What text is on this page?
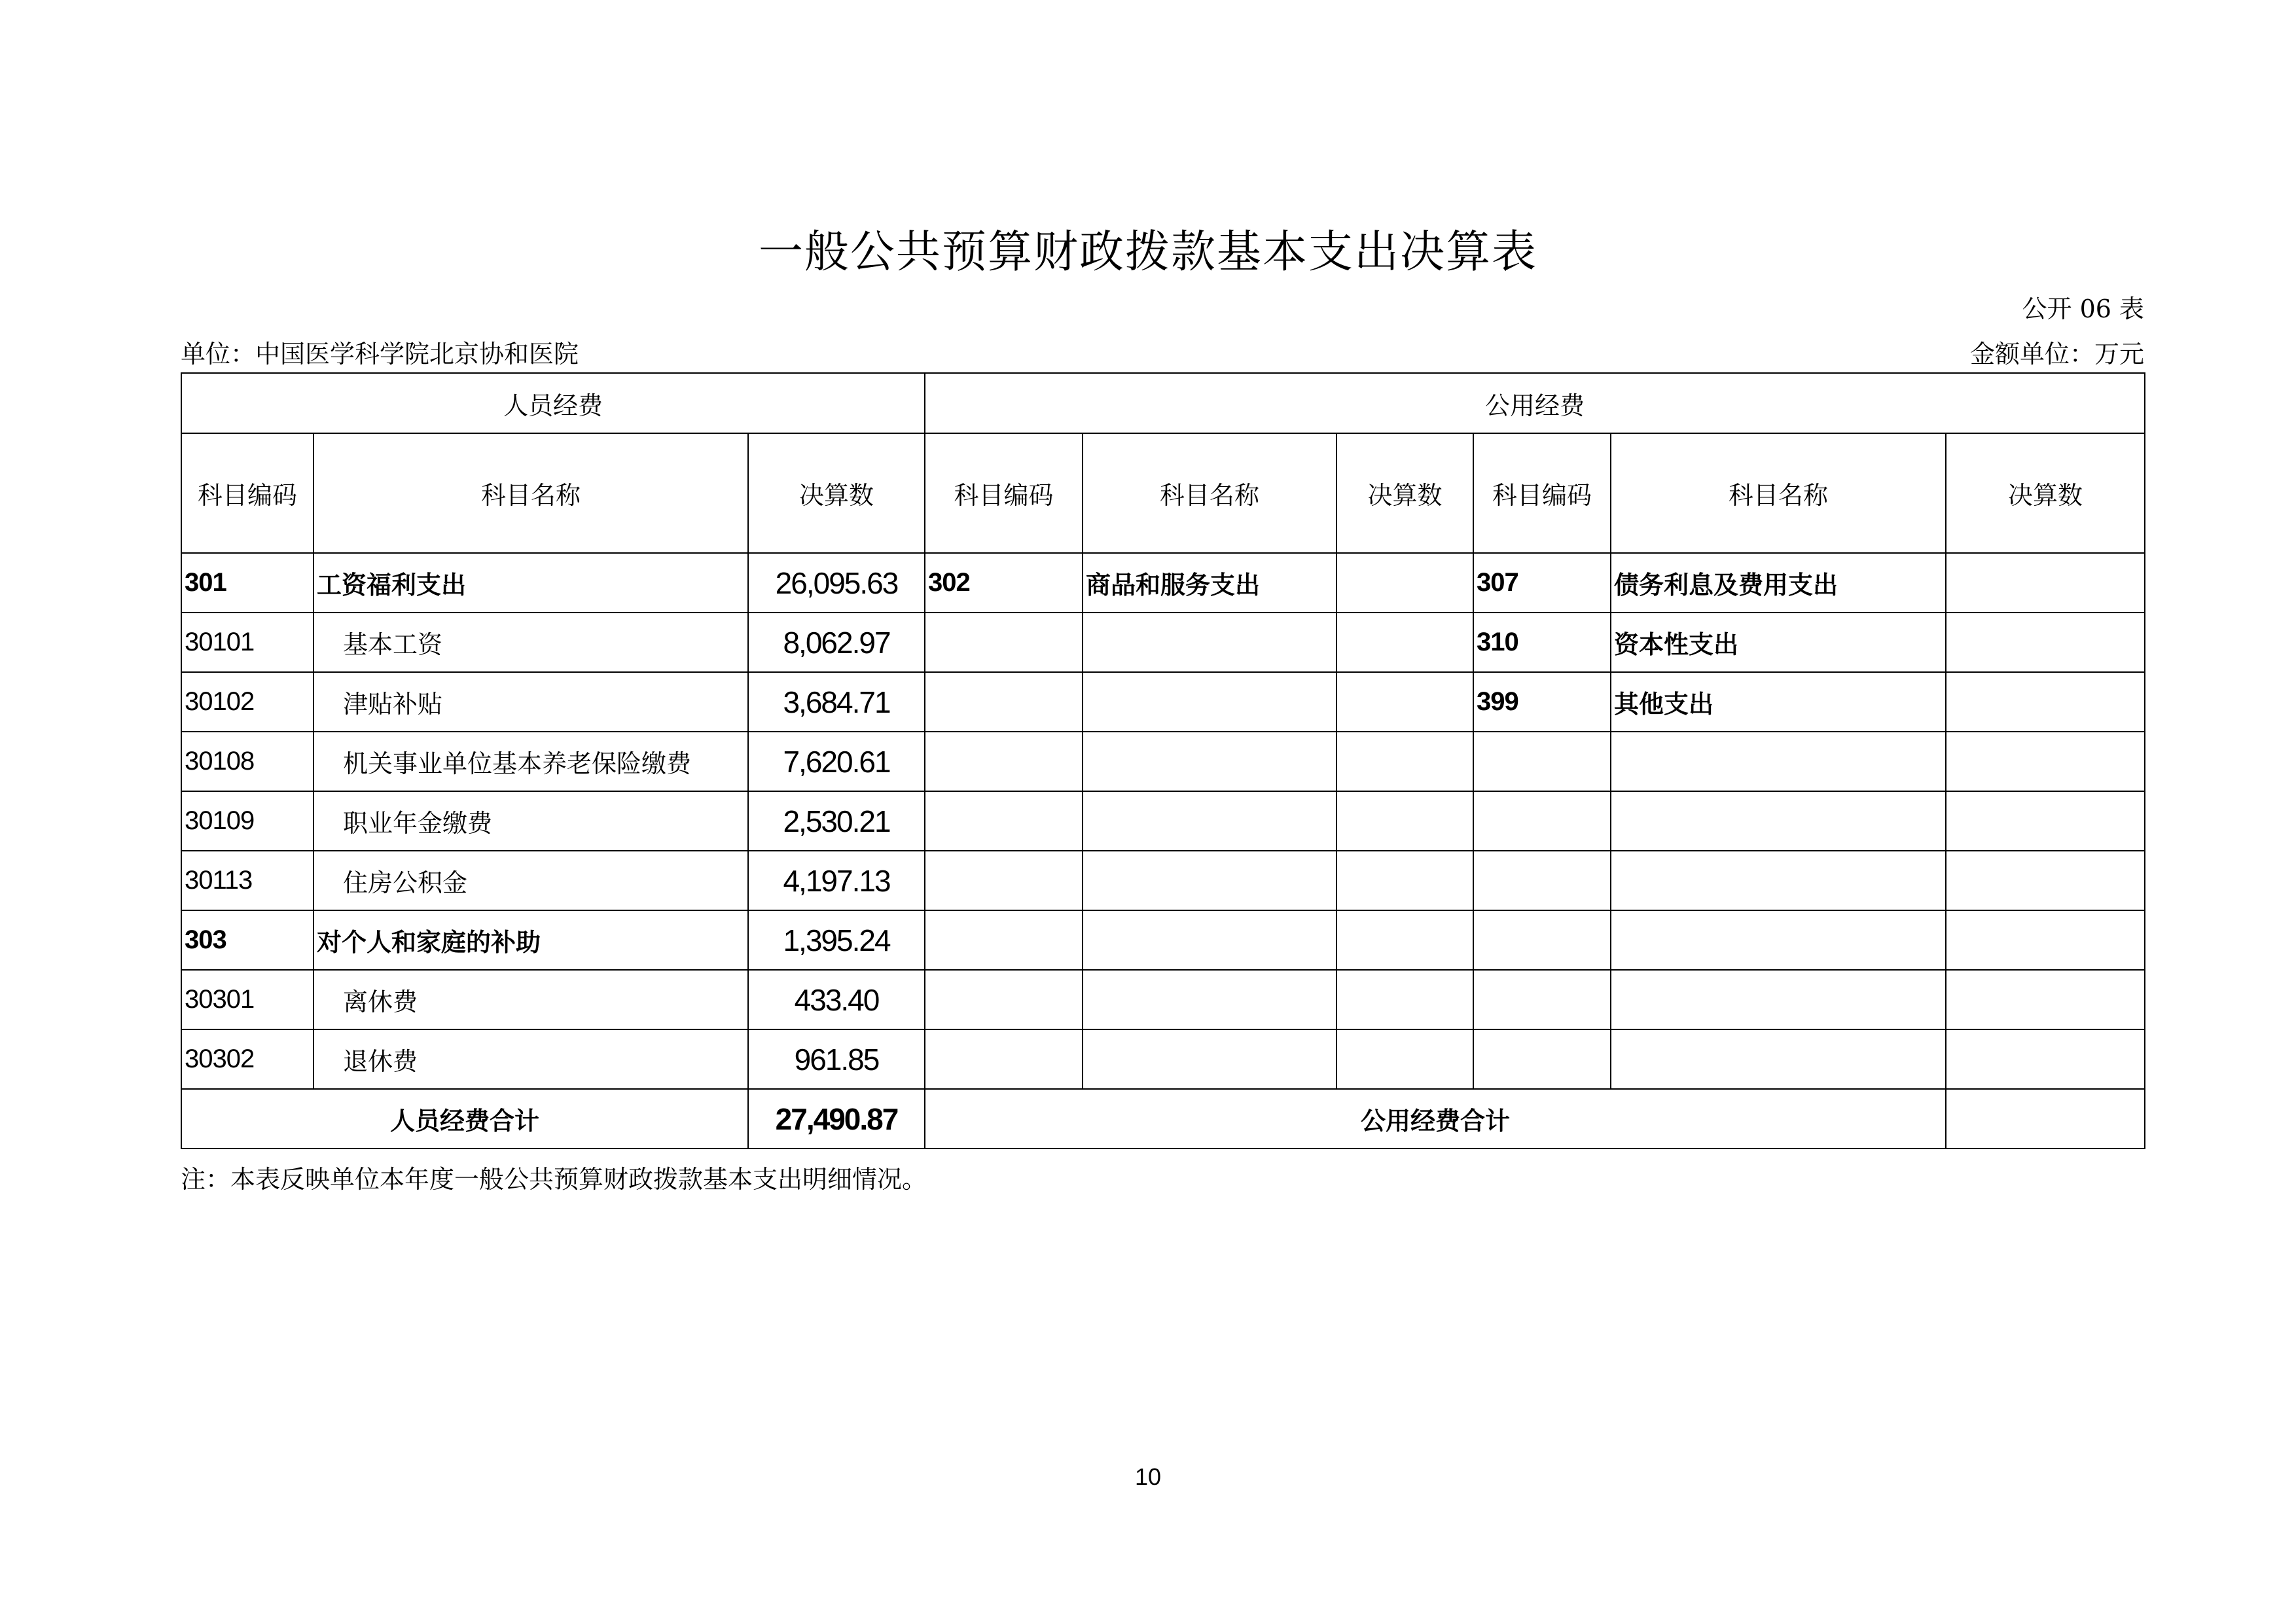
一般公共预算财政拨款基本支出决算表
公开 06 表
单位：中国医学科学院北京协和医院	金额单位：万元
人员经费			公用经费					
科目编码	科目名称	决算数	科目编码	科目名称	决算数	科目编码	科目名称	决算数
301	工资福利支出	26,095.63	302	商品和服务支出		307	债务利息及费用支出	
30101	基本工资	8,062.97				310	资本性支出	
30102	津贴补贴	3,684.71				399	其他支出	
30108	机关事业单位基本养老保险缴费	7,620.61						
30109	职业年金缴费	2,530.21						
30113	住房公积金	4,197.13						
303	对个人和家庭的补助	1,395.24						
30301	离休费	433.40						
30302	退休费	961.85						
人员经费合计		27,490.87	公用经费合计					
注：本表反映单位本年度一般公共预算财政拨款基本支出明细情况。
10
